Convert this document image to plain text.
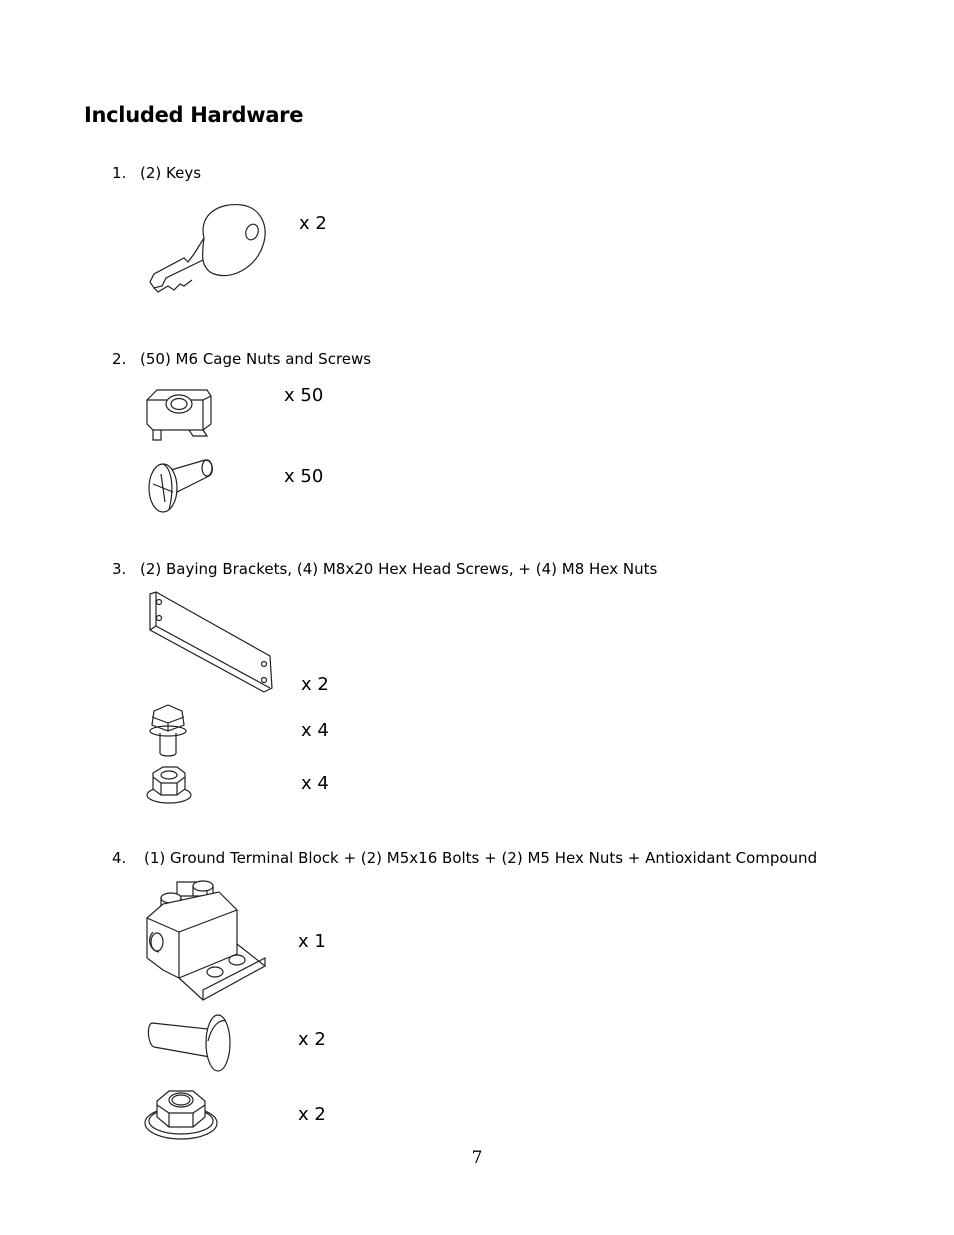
Included Hardware
1. (2) Keys
x 2
2. (50) M6 Cage Nuts and Screws
x 50
x 50
3. (2) Baying Brackets, (4) M8x20 Hex Head Screws, + (4) M8 Hex Nuts
x 2
x 4
x 4
4. (1) Ground Terminal Block + (2) M5x16 Bolts + (2) M5 Hex Nuts + Antioxidant Compound
x 1
x 2
x 2
7
